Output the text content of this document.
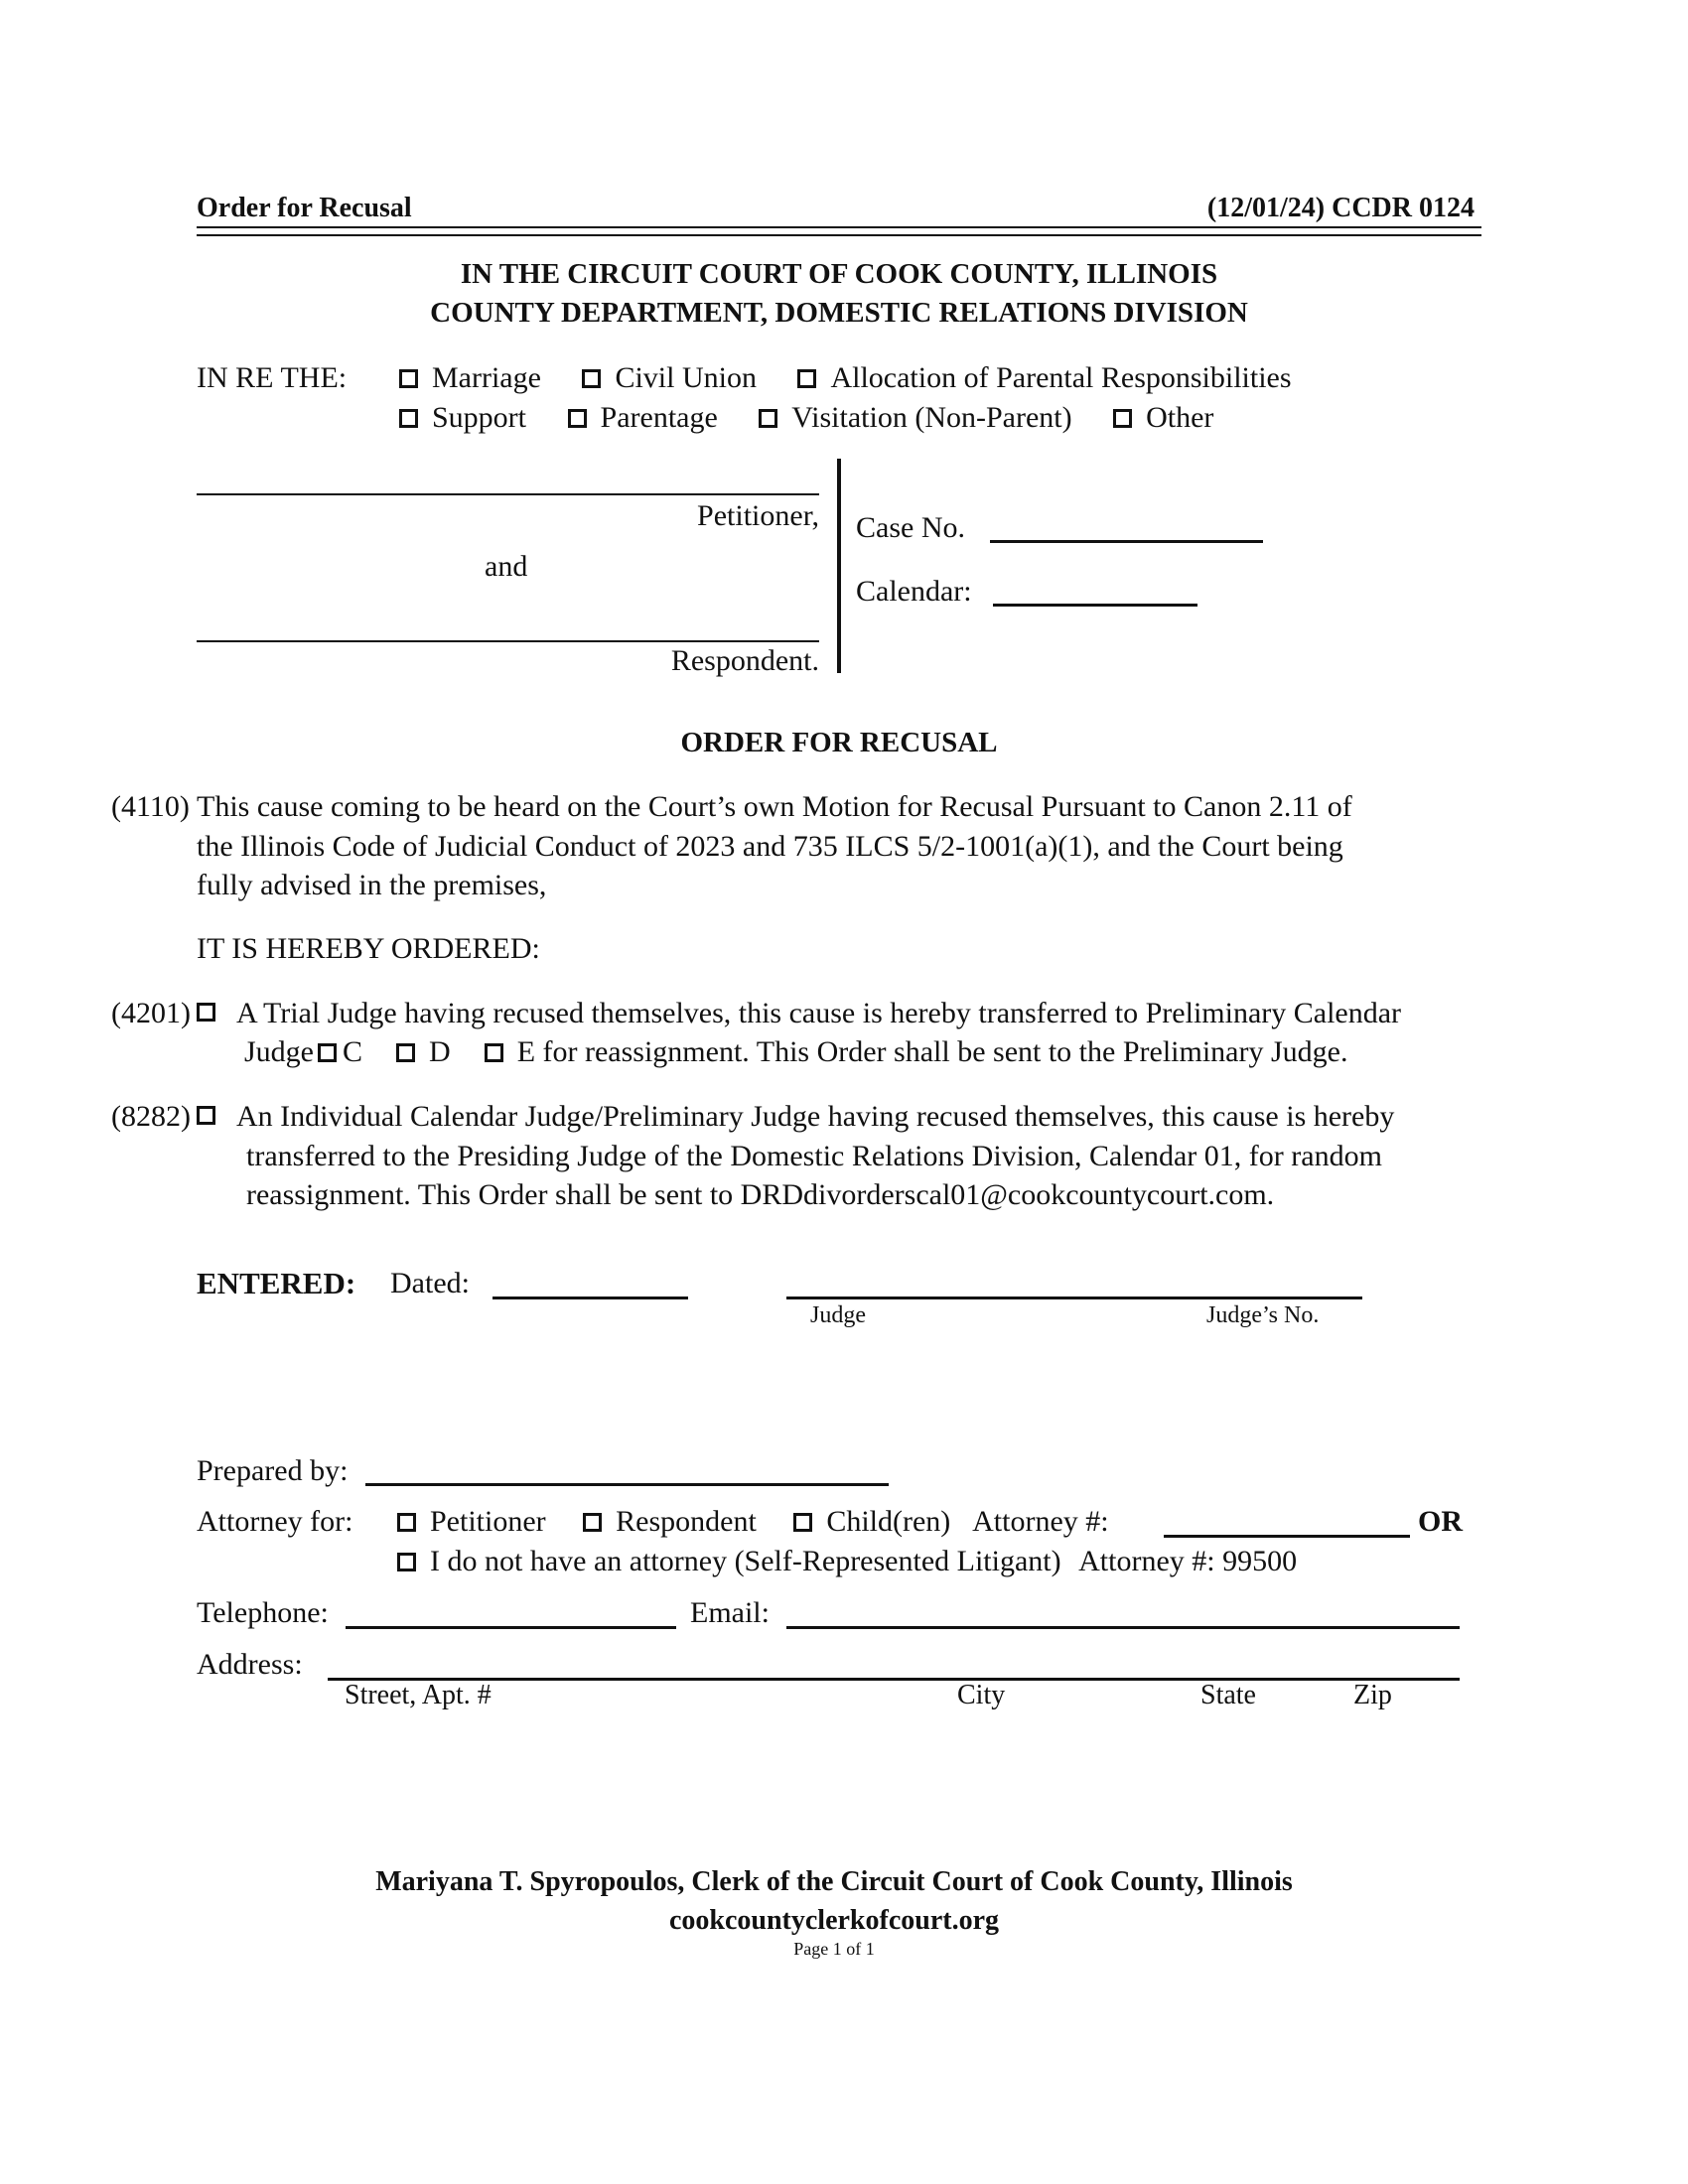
Order for Recusal	(12/01/24) CCDR 0124
IN THE CIRCUIT COURT OF COOK COUNTY, ILLINOIS
COUNTY DEPARTMENT, DOMESTIC RELATIONS DIVISION
IN RE THE:	Marriage Civil Union Allocation of Parental Responsibilities
Support Parentage Visitation (Non-Parent) Other
Petitioner,
and
Respondent.
Case No.
Calendar:
ORDER FOR RECUSAL
(4110) This cause coming to be heard on the Court’s own Motion for Recusal Pursuant to Canon 2.11 of
the Illinois Code of Judicial Conduct of 2023 and 735 ILCS 5/2-1001(a)(1), and the Court being
fully advised in the premises,
IT IS HEREBY ORDERED:
(4201) A Trial Judge having recused themselves, this cause is hereby transferred to Preliminary Calendar
Judge C D E for reassignment. This Order shall be sent to the Preliminary Judge.
(8282) An Individual Calendar Judge/Preliminary Judge having recused themselves, this cause is hereby
transferred to the Presiding Judge of the Domestic Relations Division, Calendar 01, for random
reassignment. This Order shall be sent to DRDdivorderscal01@cookcountycourt.com.
ENTERED: Dated:
Judge	Judge’s No.
Prepared by:
Attorney for:	Petitioner Respondent Child(ren) Attorney #:	OR
I do not have an attorney (Self-Represented Litigant) Attorney #: 99500
Telephone:	Email:
Address:
Street, Apt. #	City	State	Zip
Mariyana T. Spyropoulos, Clerk of the Circuit Court of Cook County, Illinois
cookcountyclerkofcourt.org
Page 1 of 1
